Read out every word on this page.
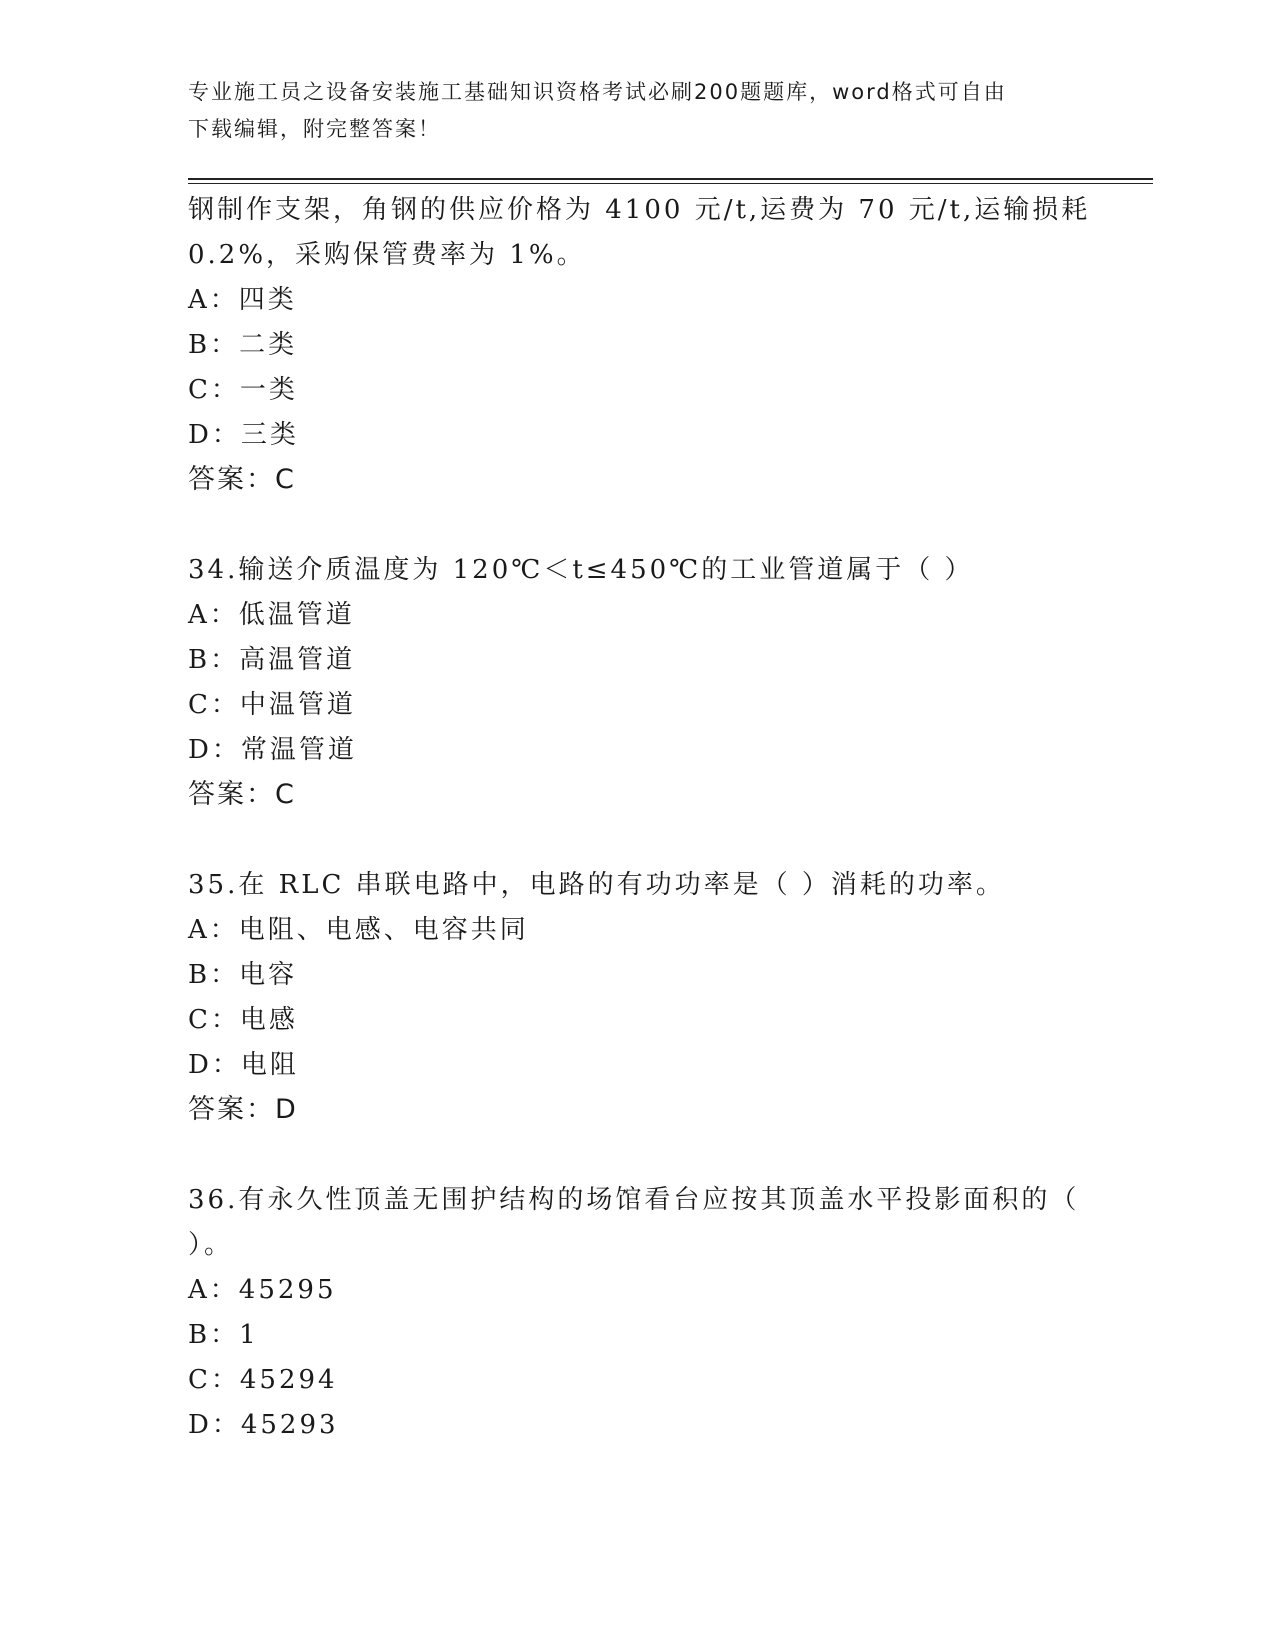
专业施工员之设备安装施工基础知识资格考试必刷200题题库，word格式可自由
下载编辑，附完整答案！
钢制作支架，角钢的供应价格为 4100 元/t,运费为 70 元/t,运输损耗
0.2%，采购保管费率为 1%。
A：四类
B：二类
C：一类
D：三类
答案：C
34.输送介质温度为 120℃＜t≤450℃的工业管道属于（ ）
A：低温管道
B：高温管道
C：中温管道
D：常温管道
答案：C
35.在 RLC 串联电路中，电路的有功功率是（ ）消耗的功率。
A：电阻、电感、电容共同
B：电容
C：电感
D：电阻
答案：D
36.有永久性顶盖无围护结构的场馆看台应按其顶盖水平投影面积的（
）。
A：45295
B：1
C：45294
D：45293
